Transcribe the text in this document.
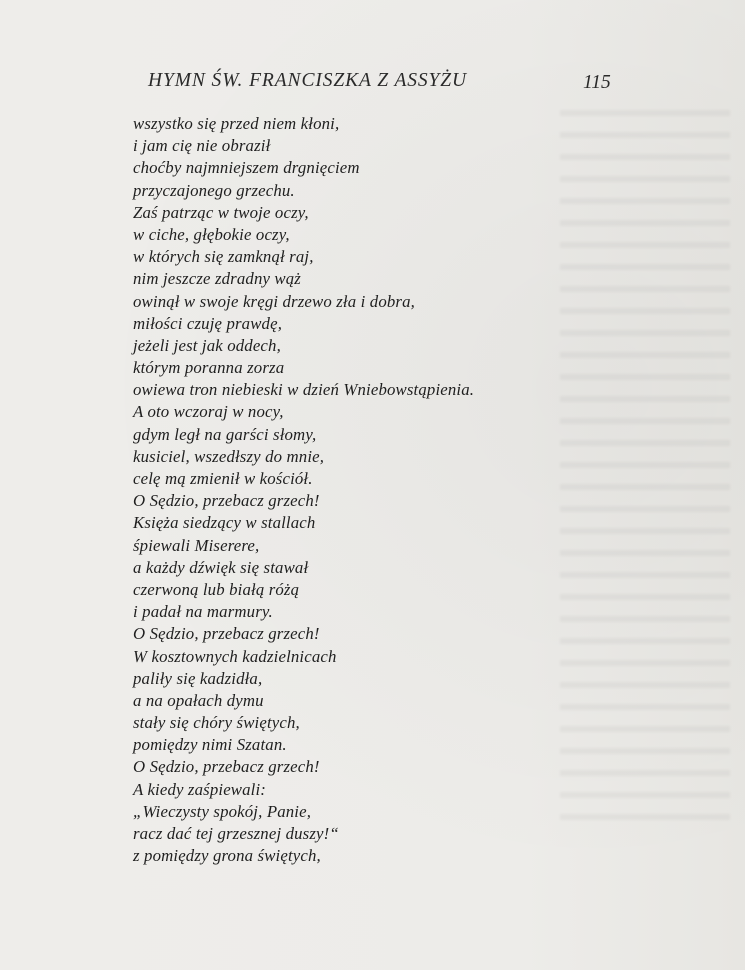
HYMN ŚW. FRANCISZKA Z ASSYŻU	115
wszystko się przed niem kłoni,
i jam cię nie obraził
choćby najmniejszem drgnięciem
przyczajonego grzechu.
Zaś patrząc w twoje oczy,
w ciche, głębokie oczy,
w których się zamknął raj,
nim jeszcze zdradny wąż
owinął w swoje kręgi drzewo zła i dobra,
miłości czuję prawdę,
jeżeli jest jak oddech,
którym poranna zorza
owiewa tron niebieski w dzień Wniebowstąpienia.
A oto wczoraj w nocy,
gdym legł na garści słomy,
kusiciel, wszedłszy do mnie,
celę mą zmienił w kościół.
O Sędzio, przebacz grzech!
Księża siedzący w stallach
śpiewali Miserere,
a każdy dźwięk się stawał
czerwoną lub białą różą
i padał na marmury.
O Sędzio, przebacz grzech!
W kosztownych kadzielnicach
paliły się kadzidła,
a na opałach dymu
stały się chóry świętych,
pomiędzy nimi Szatan.
O Sędzio, przebacz grzech!
A kiedy zaśpiewali:
„Wieczysty spokój, Panie,
racz dać tej grzesznej duszy!“
z pomiędzy grona świętych,
